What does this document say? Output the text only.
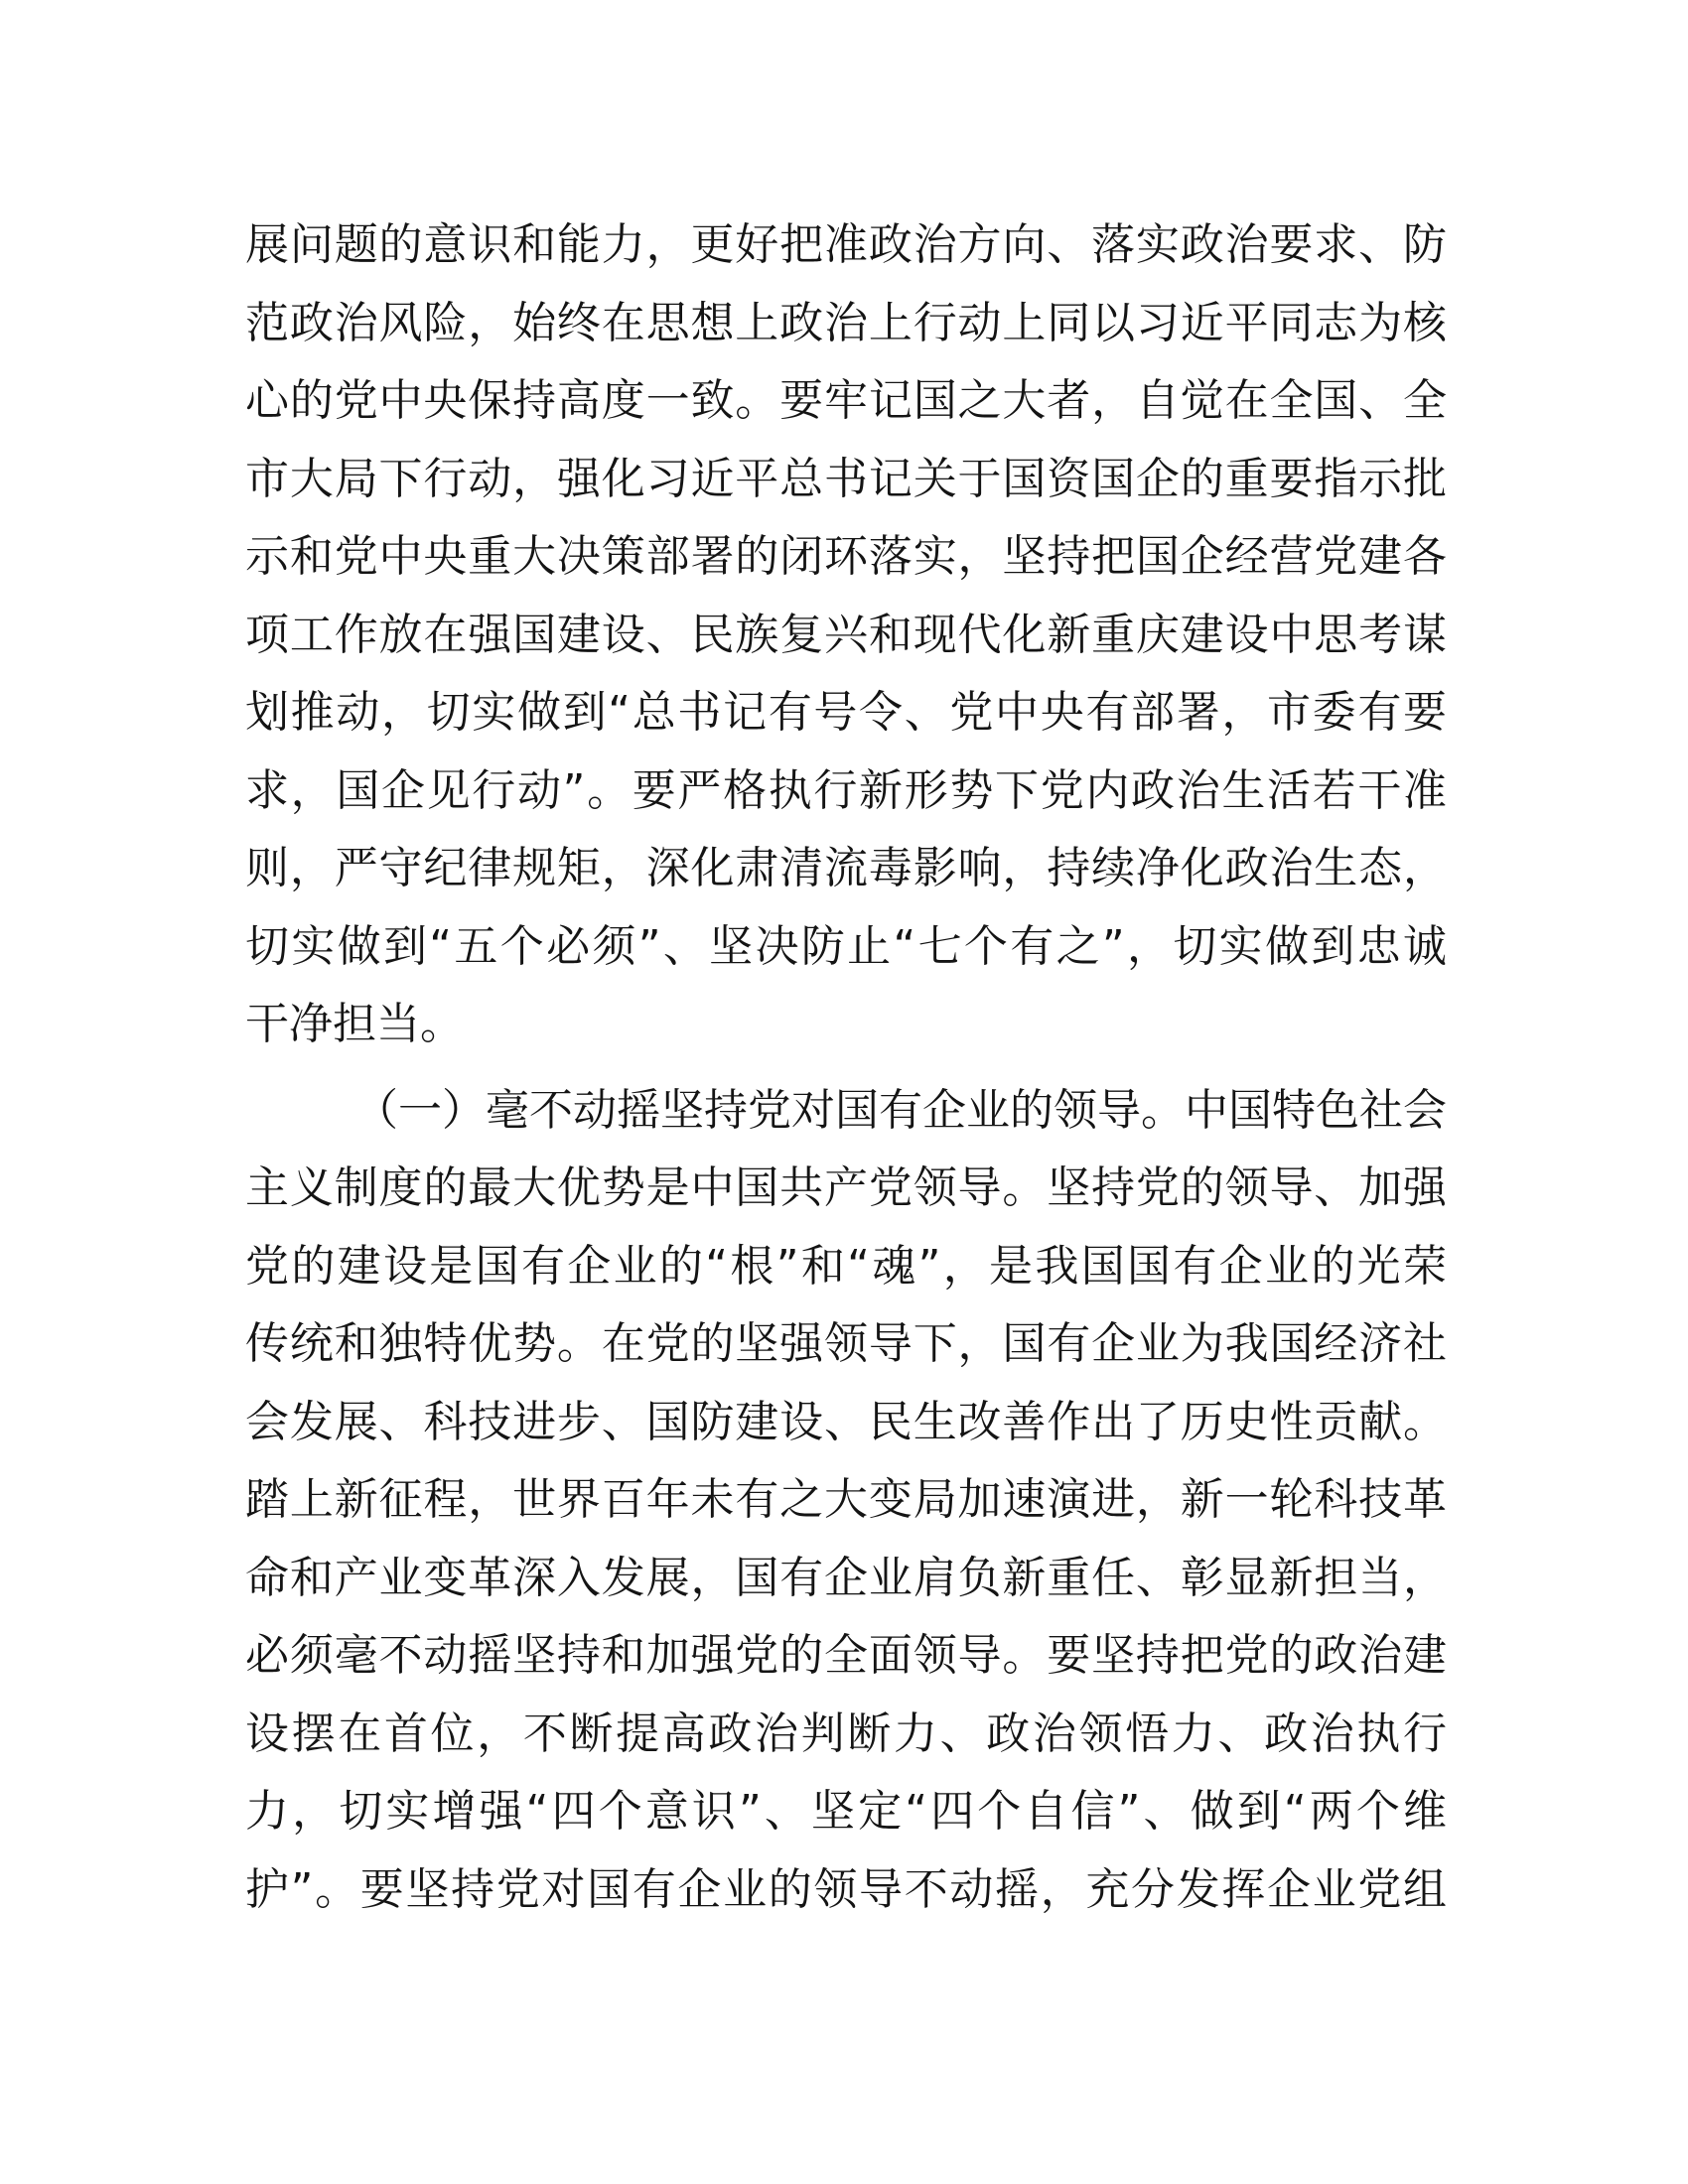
展问题的意识和能力，更好把准政治方向、落实政治要求、防
范政治风险，始终在思想上政治上行动上同以习近平同志为核
心的党中央保持高度一致。要牢记国之大者，自觉在全国、全
市大局下行动，强化习近平总书记关于国资国企的重要指示批
示和党中央重大决策部署的闭环落实，坚持把国企经营党建各
项工作放在强国建设、民族复兴和现代化新重庆建设中思考谋
划推动，切实做到“总书记有号令、党中央有部署，市委有要
求，国企见行动”。要严格执行新形势下党内政治生活若干准
则，严守纪律规矩，深化肃清流毒影响，持续净化政治生态，
切实做到“五个必须”、坚决防止“七个有之”，切实做到忠诚
干净担当。
（一）毫不动摇坚持党对国有企业的领导。中国特色社会
主义制度的最大优势是中国共产党领导。坚持党的领导、加强
党的建设是国有企业的“根”和“魂”，是我国国有企业的光荣
传统和独特优势。在党的坚强领导下，国有企业为我国经济社
会发展、科技进步、国防建设、民生改善作出了历史性贡献。
踏上新征程，世界百年未有之大变局加速演进，新一轮科技革
命和产业变革深入发展，国有企业肩负新重任、彰显新担当，
必须毫不动摇坚持和加强党的全面领导。要坚持把党的政治建
设摆在首位，不断提高政治判断力、政治领悟力、政治执行
力，切实增强“四个意识”、坚定“四个自信”、做到“两个维
护”。要坚持党对国有企业的领导不动摇，充分发挥企业党组
